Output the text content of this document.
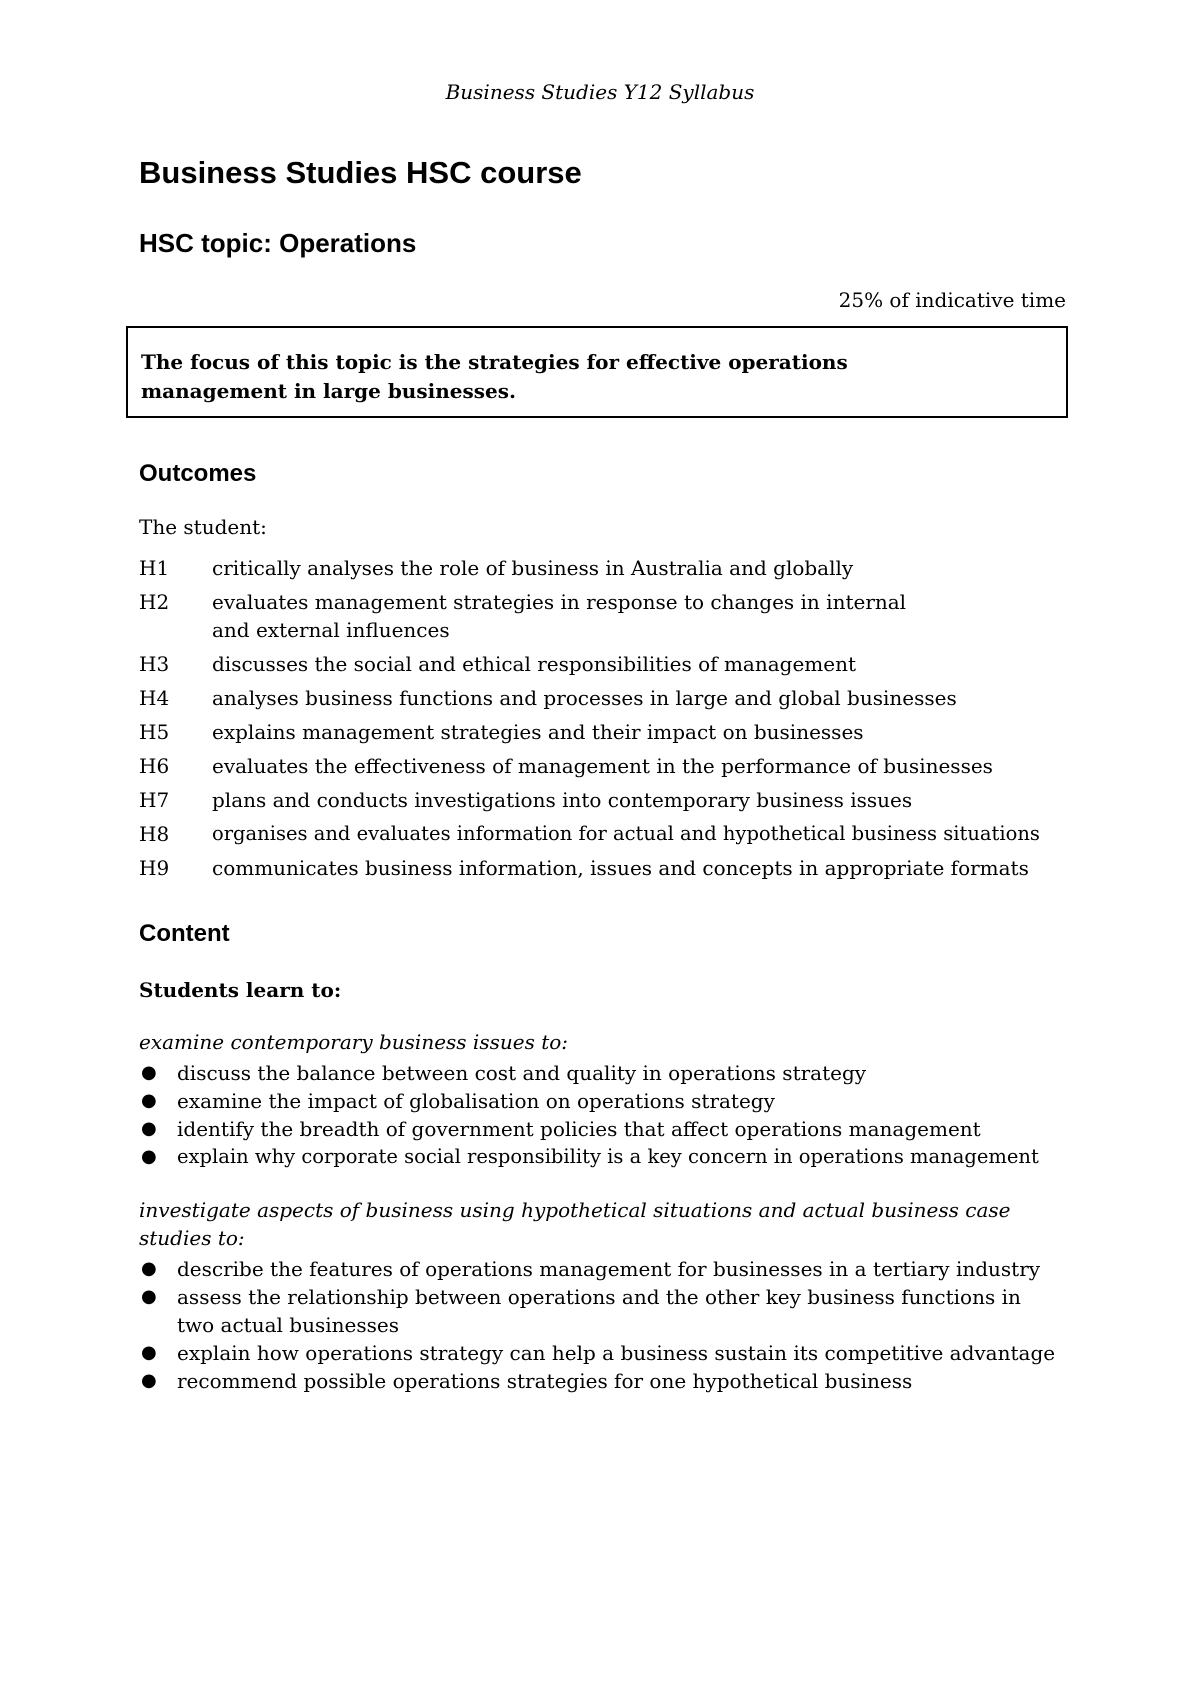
Business Studies Y12 Syllabus
Business Studies HSC course
HSC topic: Operations
25% of indicative time
The focus of this topic is the strategies for effective operations management in large businesses.
Outcomes
The student:
H1	critically analyses the role of business in Australia and globally
H2	evaluates management strategies in response to changes in internal and external influences
H3	discusses the social and ethical responsibilities of management
H4	analyses business functions and processes in large and global businesses
H5	explains management strategies and their impact on businesses
H6	evaluates the effectiveness of management in the performance of businesses
H7	plans and conducts investigations into contemporary business issues
H8	organises and evaluates information for actual and hypothetical business situations
H9	communicates business information, issues and concepts in appropriate formats
Content
Students learn to:
examine contemporary business issues to:
●	discuss the balance between cost and quality in operations strategy
●	examine the impact of globalisation on operations strategy
●	identify the breadth of government policies that affect operations management
●	explain why corporate social responsibility is a key concern in operations management
investigate aspects of business using hypothetical situations and actual business case studies to:
●	describe the features of operations management for businesses in a tertiary industry
●	assess the relationship between operations and the other key business functions in two actual businesses
●	explain how operations strategy can help a business sustain its competitive advantage
●	recommend possible operations strategies for one hypothetical business
